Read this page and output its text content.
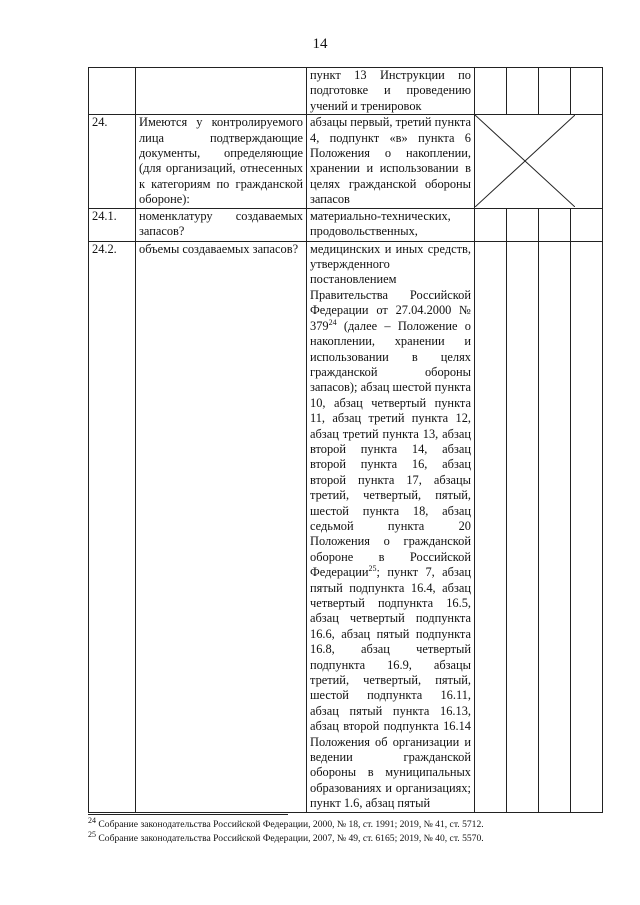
14
		пункт 13 Инструкции по подготовке и проведению учений и тренировок				
24.	Имеются у контролируемого лица подтверждающие документы, определяющие (для организаций, отнесенных к категориям по гражданской обороне):	абзацы первый, третий пункта 4, подпункт «в» пункта 6 Положения о накоплении, хранении и использовании в целях гражданской обороны запасов	

24.1.	номенклатуру создаваемых запасов?	материально-технических, продовольственных,				
24.2.	объемы создаваемых запасов?	медицинских и иных средств, утвержденного постановлением Правительства Российской Федерации от 27.04.2000 № $379^{24}$ (далее – Положение о накоплении, хранении и использовании в целях гражданской обороны запасов); абзац шестой пункта 10, абзац четвертый пункта 11, абзац третий пункта 12, абзац третий пункта 13, абзац второй пункта 14, абзац второй пункта 16, абзац второй пункта 17, абзацы третий, четвертый, пятый, шестой пункта 18, абзац седьмой пункта 20 Положения о гражданской обороне в Российской Федерации$^{25}$; пункт 7, абзац пятый подпункта 16.4, абзац четвертый подпункта 16.5, абзац четвертый подпункта 16.6, абзац пятый подпункта 16.8, абзац четвертый подпункта 16.9, абзацы третий, четвертый, пятый, шестой подпункта 16.11, абзац пятый пункта 16.13, абзац второй подпункта 16.14 Положения об организации и ведении гражданской обороны в муниципальных образованиях и организациях; пункт 1.6, абзац пятый				
$^{24}$ Собрание законодательства Российской Федерации, 2000, № 18, ст. 1991; 2019, № 41, ст. 5712.
$^{25}$ Собрание законодательства Российской Федерации, 2007, № 49, ст. 6165; 2019, № 40, ст. 5570.
